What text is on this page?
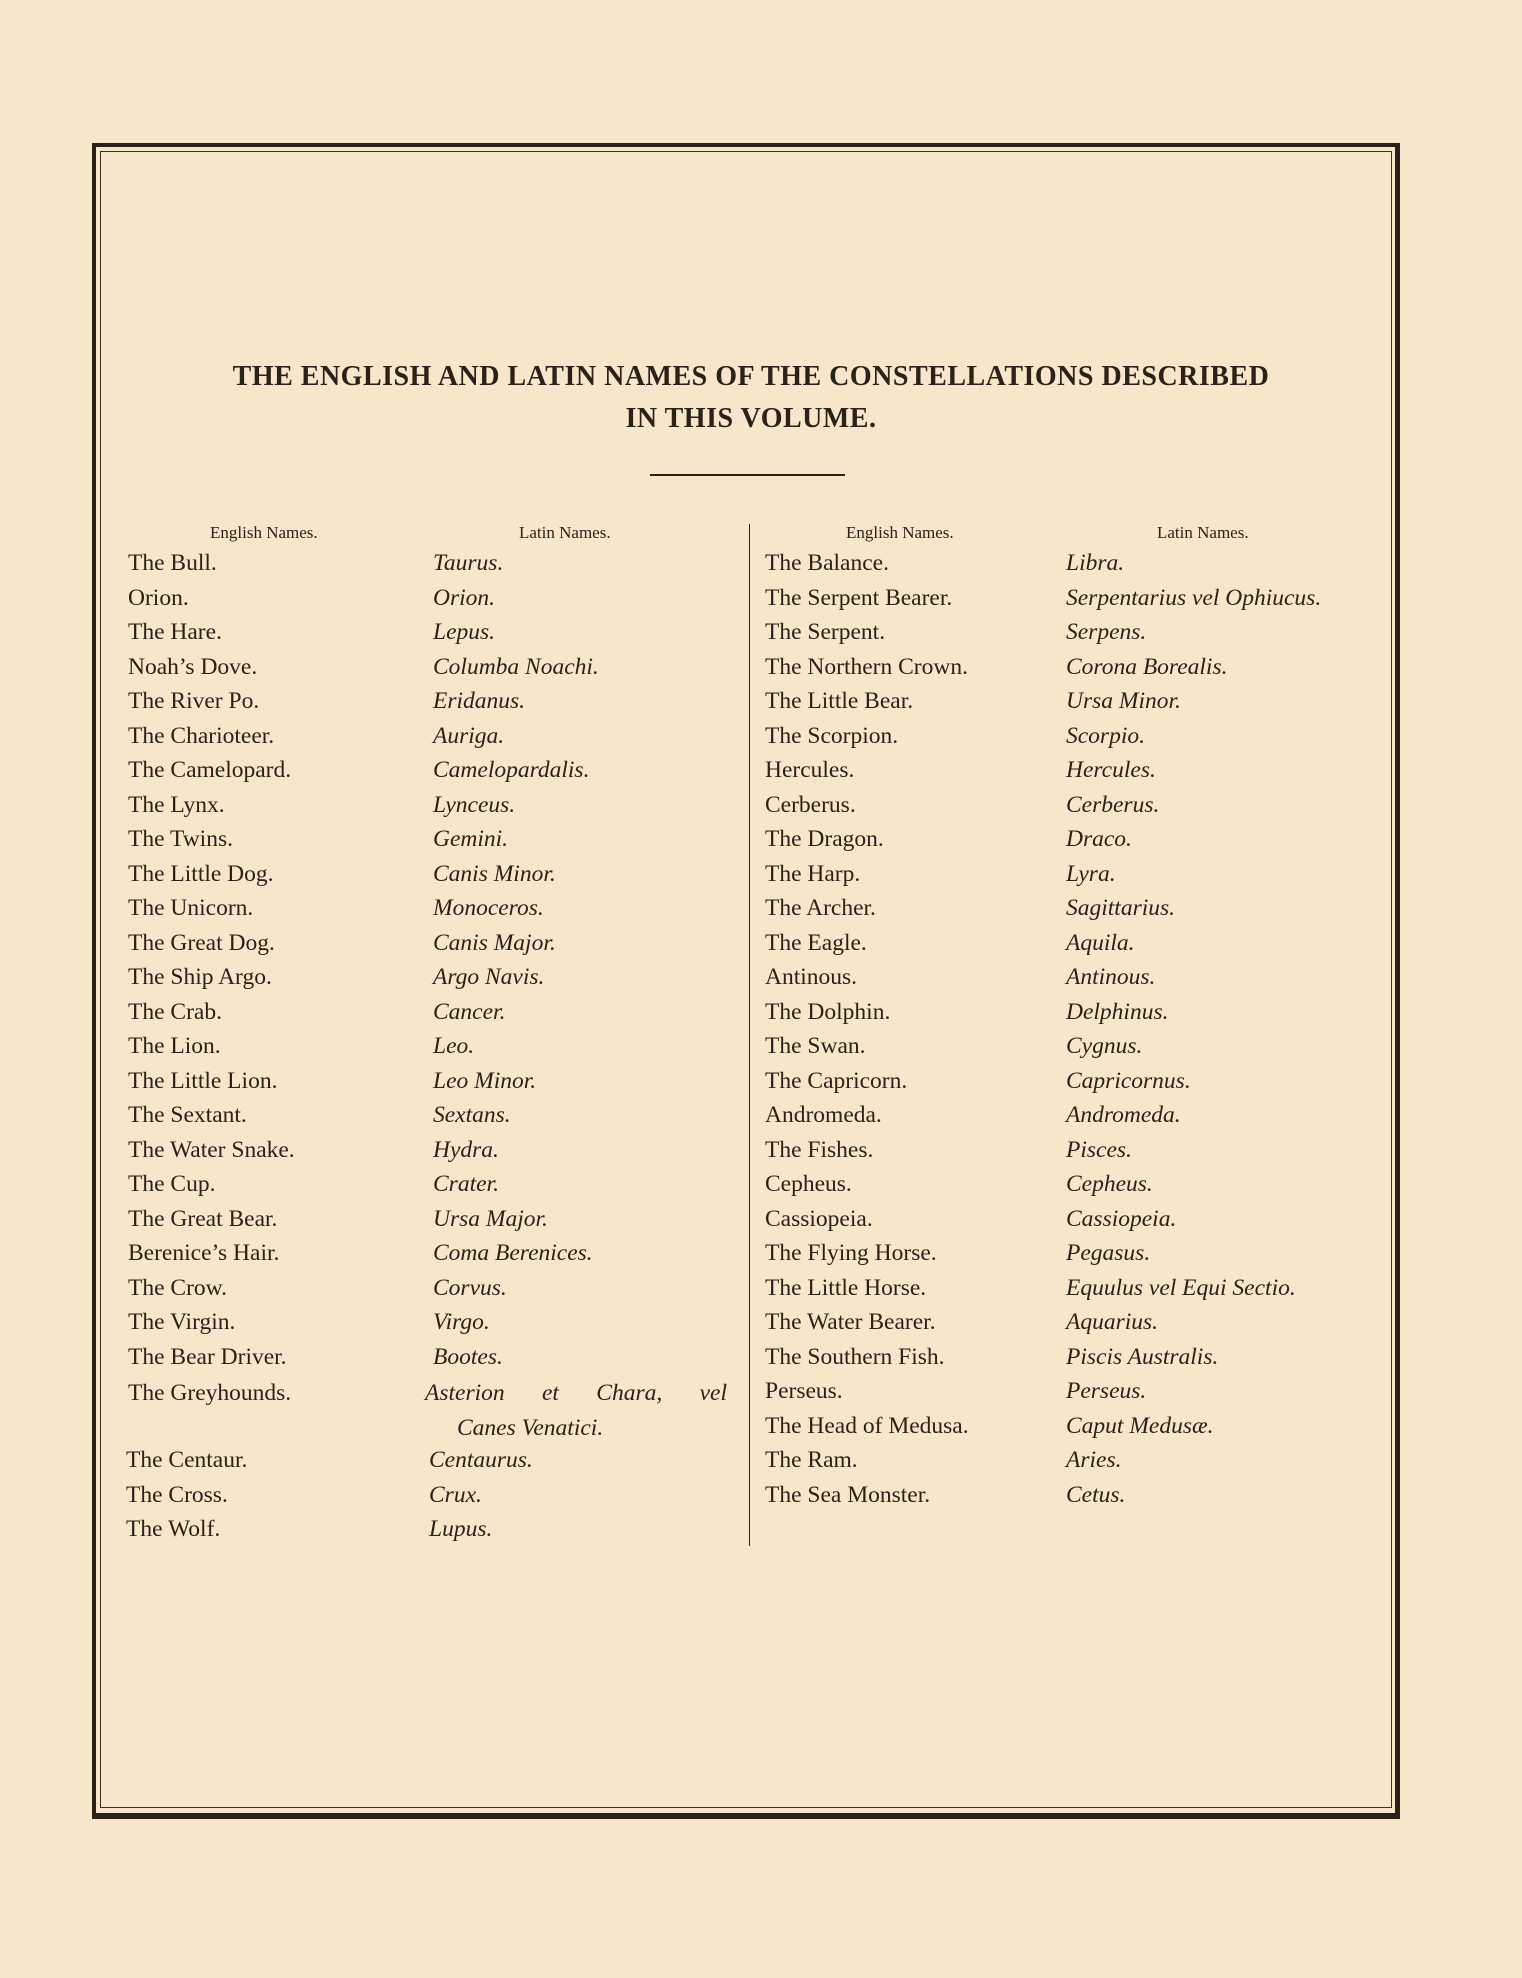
THE ENGLISH AND LATIN NAMES OF THE CONSTELLATIONS DESCRIBED
IN THIS VOLUME.
English Names.	Latin Names.	English Names.	Latin Names.
The Bull.	Taurus.
Orion.	Orion.
The Hare.	Lepus.
Noah’s Dove.	Columba Noachi.
The River Po.	Eridanus.
The Charioteer.	Auriga.
The Camelopard.	Camelopardalis.
The Lynx.	Lynceus.
The Twins.	Gemini.
The Little Dog.	Canis Minor.
The Unicorn.	Monoceros.
The Great Dog.	Canis Major.
The Ship Argo.	Argo Navis.
The Crab.	Cancer.
The Lion.	Leo.
The Little Lion.	Leo Minor.
The Sextant.	Sextans.
The Water Snake.	Hydra.
The Cup.	Crater.
The Great Bear.	Ursa Major.
Berenice’s Hair.	Coma Berenices.
The Crow.	Corvus.
The Virgin.	Virgo.
The Bear Driver.	Bootes.
The Balance.	Libra.
The Serpent Bearer.	Serpentarius vel Ophiucus.
The Serpent.	Serpens.
The Northern Crown.	Corona Borealis.
The Little Bear.	Ursa Minor.
The Scorpion.	Scorpio.
Hercules.	Hercules.
Cerberus.	Cerberus.
The Dragon.	Draco.
The Harp.	Lyra.
The Archer.	Sagittarius.
The Eagle.	Aquila.
Antinous.	Antinous.
The Dolphin.	Delphinus.
The Swan.	Cygnus.
The Capricorn.	Capricornus.
Andromeda.	Andromeda.
The Fishes.	Pisces.
Cepheus.	Cepheus.
Cassiopeia.	Cassiopeia.
The Flying Horse.	Pegasus.
The Little Horse.	Equulus vel Equi Sectio.
The Water Bearer.	Aquarius.
The Southern Fish.	Piscis Australis.
Perseus.	Perseus.
The Head of Medusa.	Caput Medusæ.
The Ram.	Aries.
The Sea Monster.	Cetus.
The Greyhounds.	Asterion et Chara, vel
Canes Venatici.
The Centaur.	Centaurus.
The Cross.	Crux.
The Wolf.	Lupus.
